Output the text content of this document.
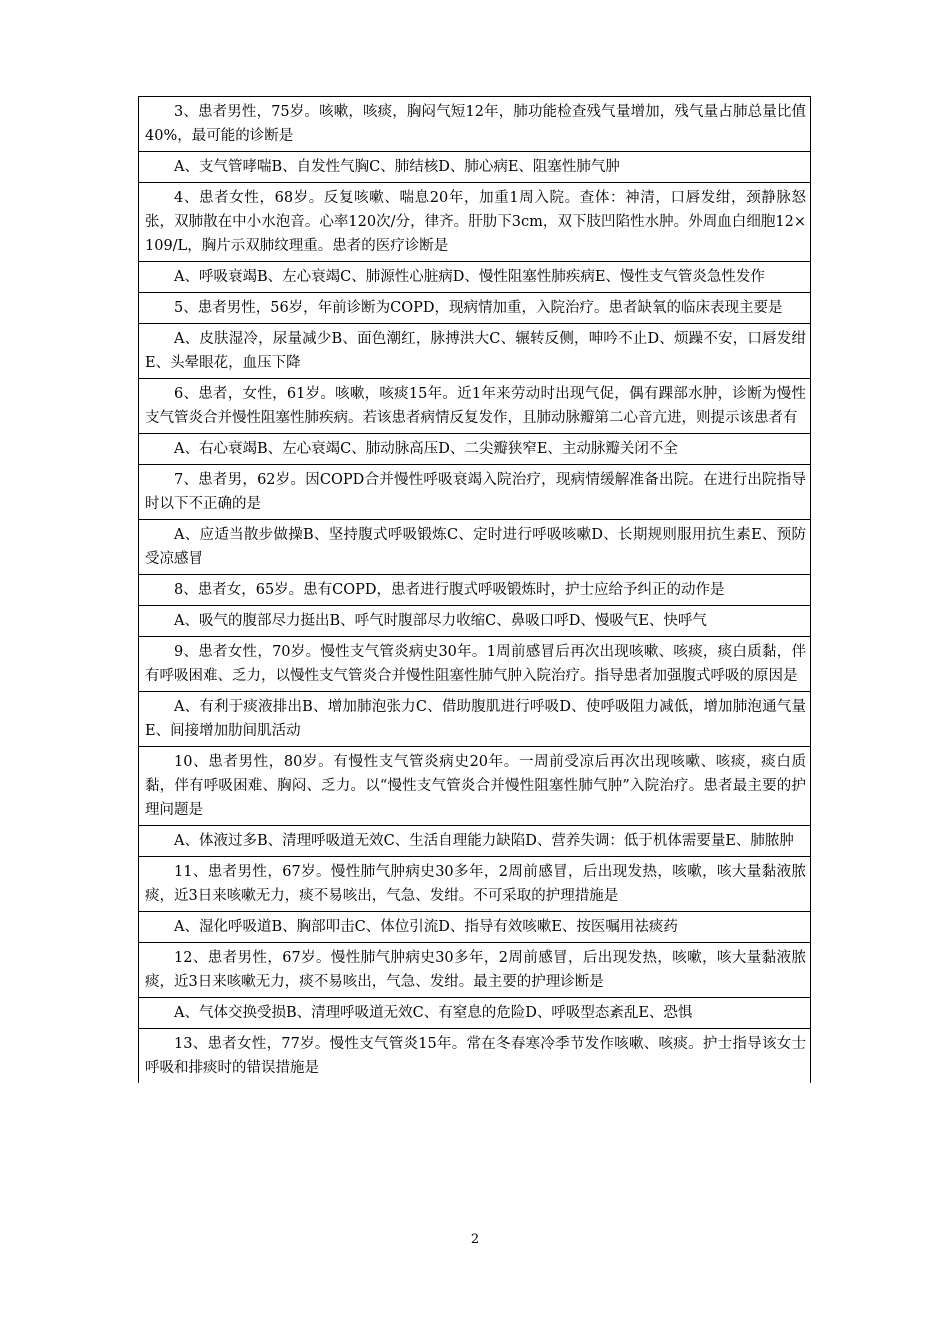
3、患者男性，75岁。咳嗽，咳痰，胸闷气短12年，肺功能检查残气量增加，残气量占肺总量比值40%，最可能的诊断是
A、支气管哮喘B、自发性气胸C、肺结核D、肺心病E、阻塞性肺气肿
4、患者女性，68岁。反复咳嗽、喘息20年，加重1周入院。查体：神清，口唇发绀，颈静脉怒张，双肺散在中小水泡音。心率120次/分，律齐。肝肋下3cm，双下肢凹陷性水肿。外周血白细胞12×109/L，胸片示双肺纹理重。患者的医疗诊断是
A、呼吸衰竭B、左心衰竭C、肺源性心脏病D、慢性阻塞性肺疾病E、慢性支气管炎急性发作
5、患者男性，56岁，年前诊断为COPD，现病情加重，入院治疗。患者缺氧的临床表现主要是
A、皮肤湿冷，尿量减少B、面色潮红，脉搏洪大C、辗转反侧，呻吟不止D、烦躁不安，口唇发绀E、头晕眼花，血压下降
6、患者，女性，61岁。咳嗽，咳痰15年。近1年来劳动时出现气促，偶有踝部水肿，诊断为慢性支气管炎合并慢性阻塞性肺疾病。若该患者病情反复发作，且肺动脉瓣第二心音亢进，则提示该患者有
A、右心衰竭B、左心衰竭C、肺动脉高压D、二尖瓣狭窄E、主动脉瓣关闭不全
7、患者男，62岁。因COPD合并慢性呼吸衰竭入院治疗，现病情缓解准备出院。在进行出院指导时以下不正确的是
A、应适当散步做操B、坚持腹式呼吸锻炼C、定时进行呼吸咳嗽D、长期规则服用抗生素E、预防受凉感冒
8、患者女，65岁。患有COPD，患者进行腹式呼吸锻炼时，护士应给予纠正的动作是
A、吸气的腹部尽力挺出B、呼气时腹部尽力收缩C、鼻吸口呼D、慢吸气E、快呼气
9、患者女性，70岁。慢性支气管炎病史30年。1周前感冒后再次出现咳嗽、咳痰，痰白质黏，伴有呼吸困难、乏力，以慢性支气管炎合并慢性阻塞性肺气肿入院治疗。指导患者加强腹式呼吸的原因是
A、有利于痰液排出B、增加肺泡张力C、借助腹肌进行呼吸D、使呼吸阻力减低，增加肺泡通气量E、间接增加肋间肌活动
10、患者男性，80岁。有慢性支气管炎病史20年。一周前受凉后再次出现咳嗽、咳痰，痰白质黏，伴有呼吸困难、胸闷、乏力。以“慢性支气管炎合并慢性阻塞性肺气肿”入院治疗。患者最主要的护理问题是
A、体液过多B、清理呼吸道无效C、生活自理能力缺陷D、营养失调：低于机体需要量E、肺脓肿
11、患者男性，67岁。慢性肺气肿病史30多年，2周前感冒，后出现发热，咳嗽，咳大量黏液脓痰，近3日来咳嗽无力，痰不易咳出，气急、发绀。不可采取的护理措施是
A、湿化呼吸道B、胸部叩击C、体位引流D、指导有效咳嗽E、按医嘱用祛痰药
12、患者男性，67岁。慢性肺气肿病史30多年，2周前感冒，后出现发热，咳嗽，咳大量黏液脓痰，近3日来咳嗽无力，痰不易咳出，气急、发绀。最主要的护理诊断是
A、气体交换受损B、清理呼吸道无效C、有窒息的危险D、呼吸型态紊乱E、恐惧
13、患者女性，77岁。慢性支气管炎15年。常在冬春寒冷季节发作咳嗽、咳痰。护士指导该女士呼吸和排痰时的错误措施是
2
